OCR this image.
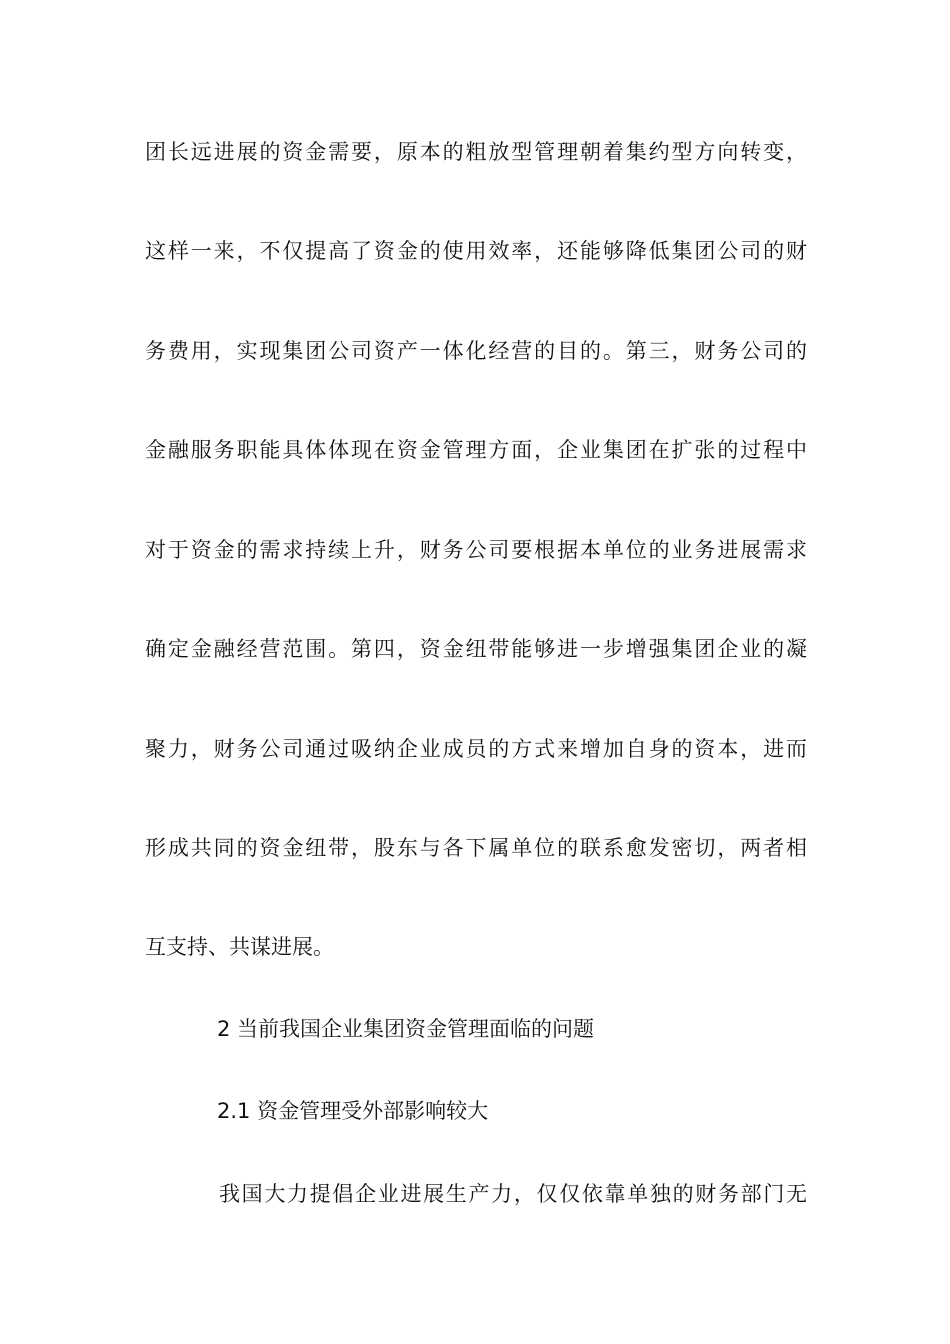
团长远进展的资金需要，原本的粗放型管理朝着集约型方向转变，
这样一来，不仅提高了资金的使用效率，还能够降低集团公司的财
务费用，实现集团公司资产一体化经营的目的。第三，财务公司的
金融服务职能具体体现在资金管理方面，企业集团在扩张的过程中
对于资金的需求持续上升，财务公司要根据本单位的业务进展需求
确定金融经营范围。第四，资金纽带能够进一步增强集团企业的凝
聚力，财务公司通过吸纳企业成员的方式来增加自身的资本，进而
形成共同的资金纽带，股东与各下属单位的联系愈发密切，两者相
互支持、共谋进展。
2 当前我国企业集团资金管理面临的问题
2.1 资金管理受外部影响较大
我国大力提倡企业进展生产力，仅仅依靠单独的财务部门无
